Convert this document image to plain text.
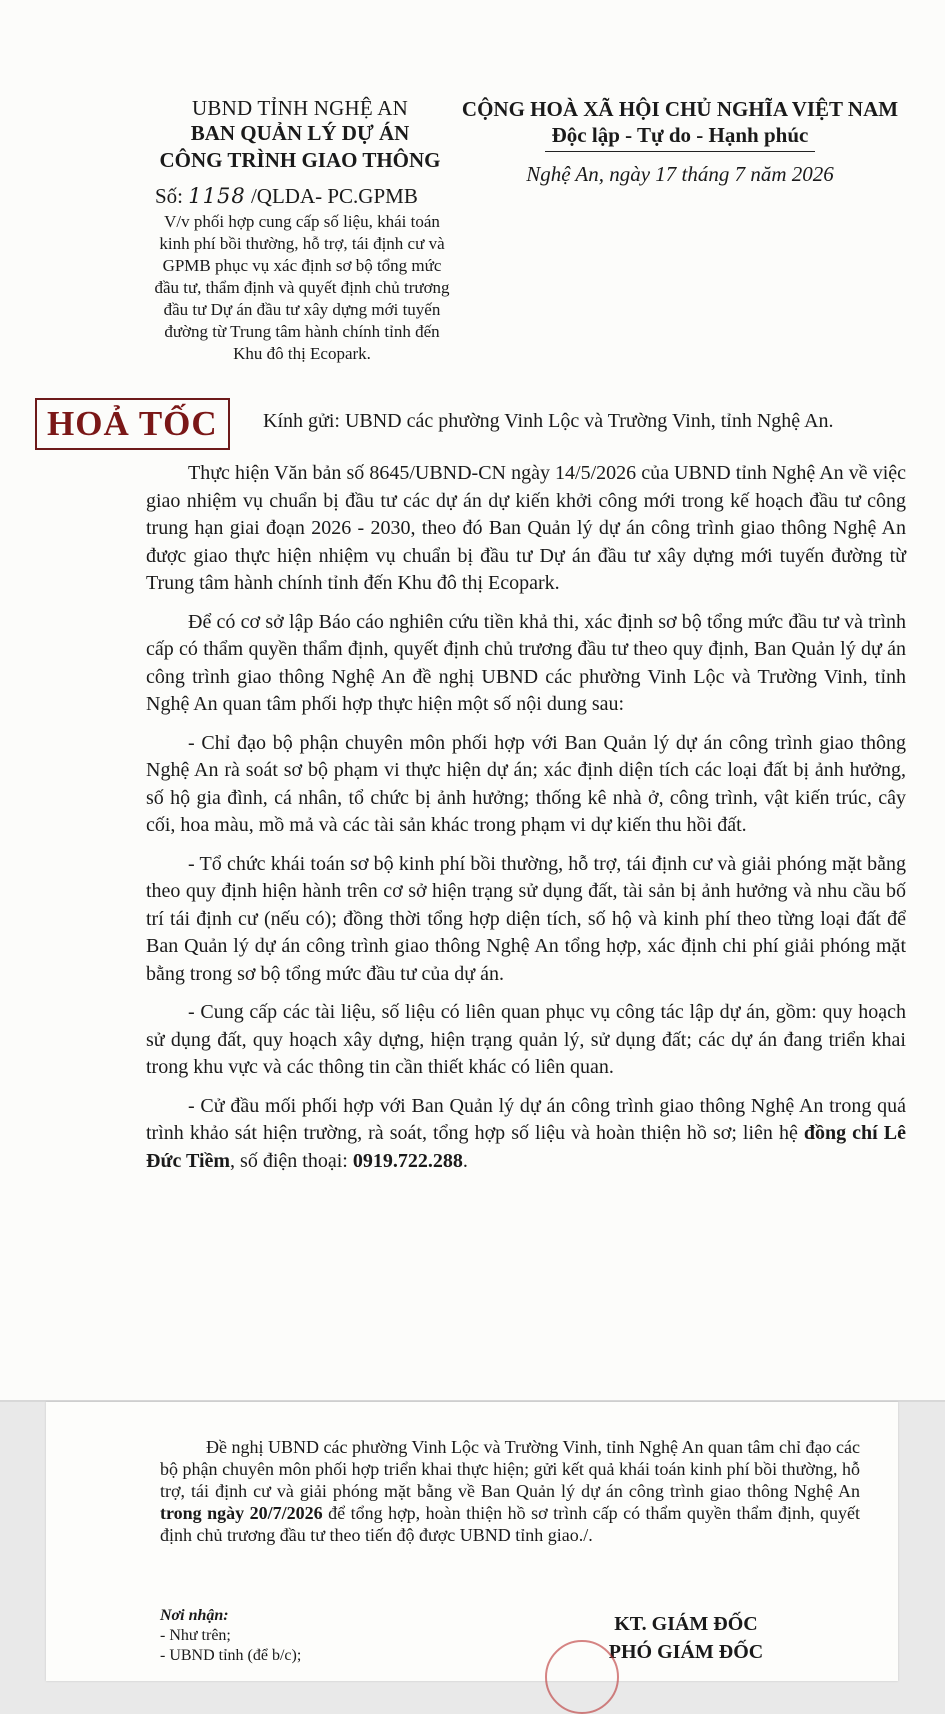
UBND TỈNH NGHỆ AN
BAN QUẢN LÝ DỰ ÁN
CÔNG TRÌNH GIAO THÔNG
Số: 1158 /QLDA- PC.GPMB
V/v phối hợp cung cấp số liệu, khái toán kinh phí bồi thường, hỗ trợ, tái định cư và GPMB phục vụ xác định sơ bộ tổng mức đầu tư, thẩm định và quyết định chủ trương đầu tư Dự án đầu tư xây dựng mới tuyến đường từ Trung tâm hành chính tỉnh đến Khu đô thị Ecopark.
CỘNG HOÀ XÃ HỘI CHỦ NGHĨA VIỆT NAM
Độc lập - Tự do - Hạnh phúc
Nghệ An, ngày 17 tháng 7 năm 2026
HOẢ TỐC	Kính gửi: UBND các phường Vinh Lộc và Trường Vinh, tỉnh Nghệ An.

Thực hiện Văn bản số 8645/UBND-CN ngày 14/5/2026 của UBND tỉnh Nghệ An về việc giao nhiệm vụ chuẩn bị đầu tư các dự án dự kiến khởi công mới trong kế hoạch đầu tư công trung hạn giai đoạn 2026 - 2030, theo đó Ban Quản lý dự án công trình giao thông Nghệ An được giao thực hiện nhiệm vụ chuẩn bị đầu tư Dự án đầu tư xây dựng mới tuyến đường từ Trung tâm hành chính tỉnh đến Khu đô thị Ecopark.

Để có cơ sở lập Báo cáo nghiên cứu tiền khả thi, xác định sơ bộ tổng mức đầu tư và trình cấp có thẩm quyền thẩm định, quyết định chủ trương đầu tư theo quy định, Ban Quản lý dự án công trình giao thông Nghệ An đề nghị UBND các phường Vinh Lộc và Trường Vinh, tỉnh Nghệ An quan tâm phối hợp thực hiện một số nội dung sau:

- Chỉ đạo bộ phận chuyên môn phối hợp với Ban Quản lý dự án công trình giao thông Nghệ An rà soát sơ bộ phạm vi thực hiện dự án; xác định diện tích các loại đất bị ảnh hưởng, số hộ gia đình, cá nhân, tổ chức bị ảnh hưởng; thống kê nhà ở, công trình, vật kiến trúc, cây cối, hoa màu, mồ mả và các tài sản khác trong phạm vi dự kiến thu hồi đất.

- Tổ chức khái toán sơ bộ kinh phí bồi thường, hỗ trợ, tái định cư và giải phóng mặt bằng theo quy định hiện hành trên cơ sở hiện trạng sử dụng đất, tài sản bị ảnh hưởng và nhu cầu bố trí tái định cư (nếu có); đồng thời tổng hợp diện tích, số hộ và kinh phí theo từng loại đất để Ban Quản lý dự án công trình giao thông Nghệ An tổng hợp, xác định chi phí giải phóng mặt bằng trong sơ bộ tổng mức đầu tư của dự án.

- Cung cấp các tài liệu, số liệu có liên quan phục vụ công tác lập dự án, gồm: quy hoạch sử dụng đất, quy hoạch xây dựng, hiện trạng quản lý, sử dụng đất; các dự án đang triển khai trong khu vực và các thông tin cần thiết khác có liên quan.

- Cử đầu mối phối hợp với Ban Quản lý dự án công trình giao thông Nghệ An trong quá trình khảo sát hiện trường, rà soát, tổng hợp số liệu và hoàn thiện hồ sơ; liên hệ đồng chí Lê Đức Tiềm, số điện thoại: 0919.722.288.

Đề nghị UBND các phường Vinh Lộc và Trường Vinh, tỉnh Nghệ An quan tâm chỉ đạo các bộ phận chuyên môn phối hợp triển khai thực hiện; gửi kết quả khái toán kinh phí bồi thường, hỗ trợ, tái định cư và giải phóng mặt bằng về Ban Quản lý dự án công trình giao thông Nghệ An trong ngày 20/7/2026 để tổng hợp, hoàn thiện hồ sơ trình cấp có thẩm quyền thẩm định, quyết định chủ trương đầu tư theo tiến độ được UBND tỉnh giao./.

Nơi nhận:
- Như trên;
- UBND tỉnh (để b/c);
KT. GIÁM ĐỐC
PHÓ GIÁM ĐỐC
